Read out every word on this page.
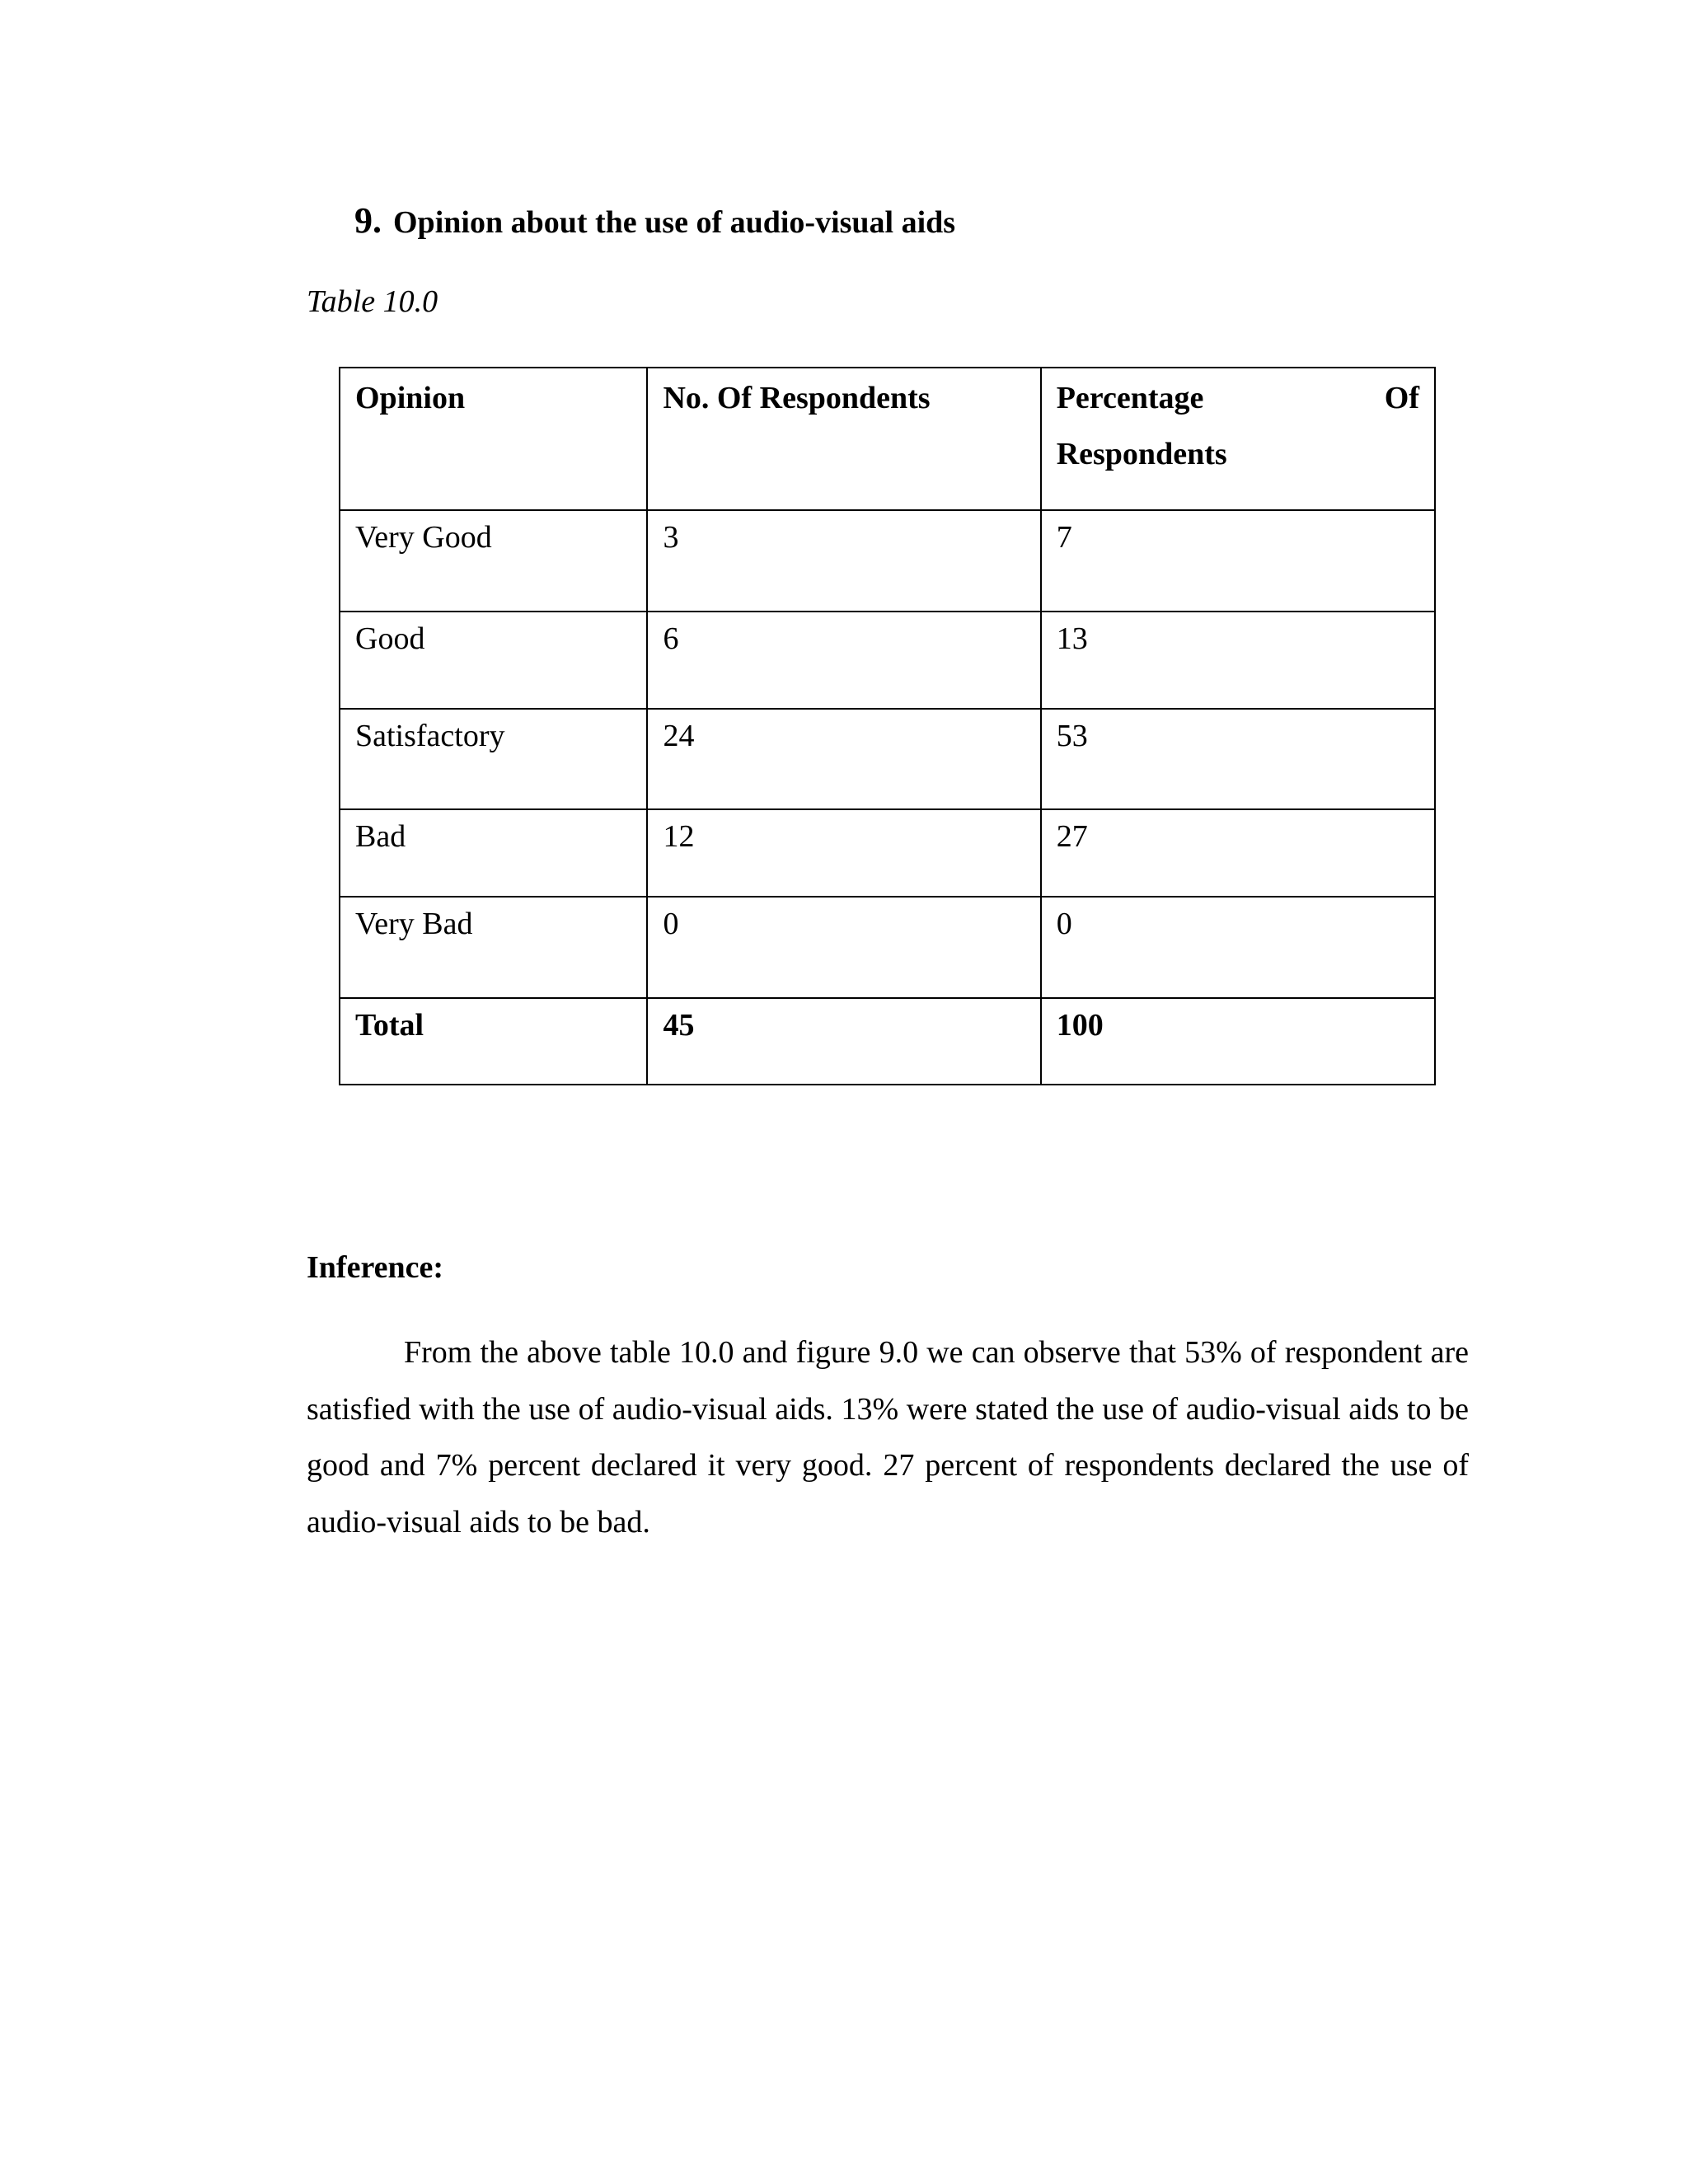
9. Opinion about the use of audio-visual aids
Table 10.0
Opinion	No. Of Respondents	Percentage Of
Respondents

Very Good	3	7
Good	6	13
Satisfactory	24	53
Bad	12	27
Very Bad	0	0
Total	45	100
Inference:

From the above table 10.0 and figure 9.0 we can observe that 53% of respondent are satisfied with the use of audio-visual aids. 13% were stated the use of audio-visual aids to be good and 7% percent declared it very good. 27 percent of respondents declared the use of audio-visual aids to be bad.
